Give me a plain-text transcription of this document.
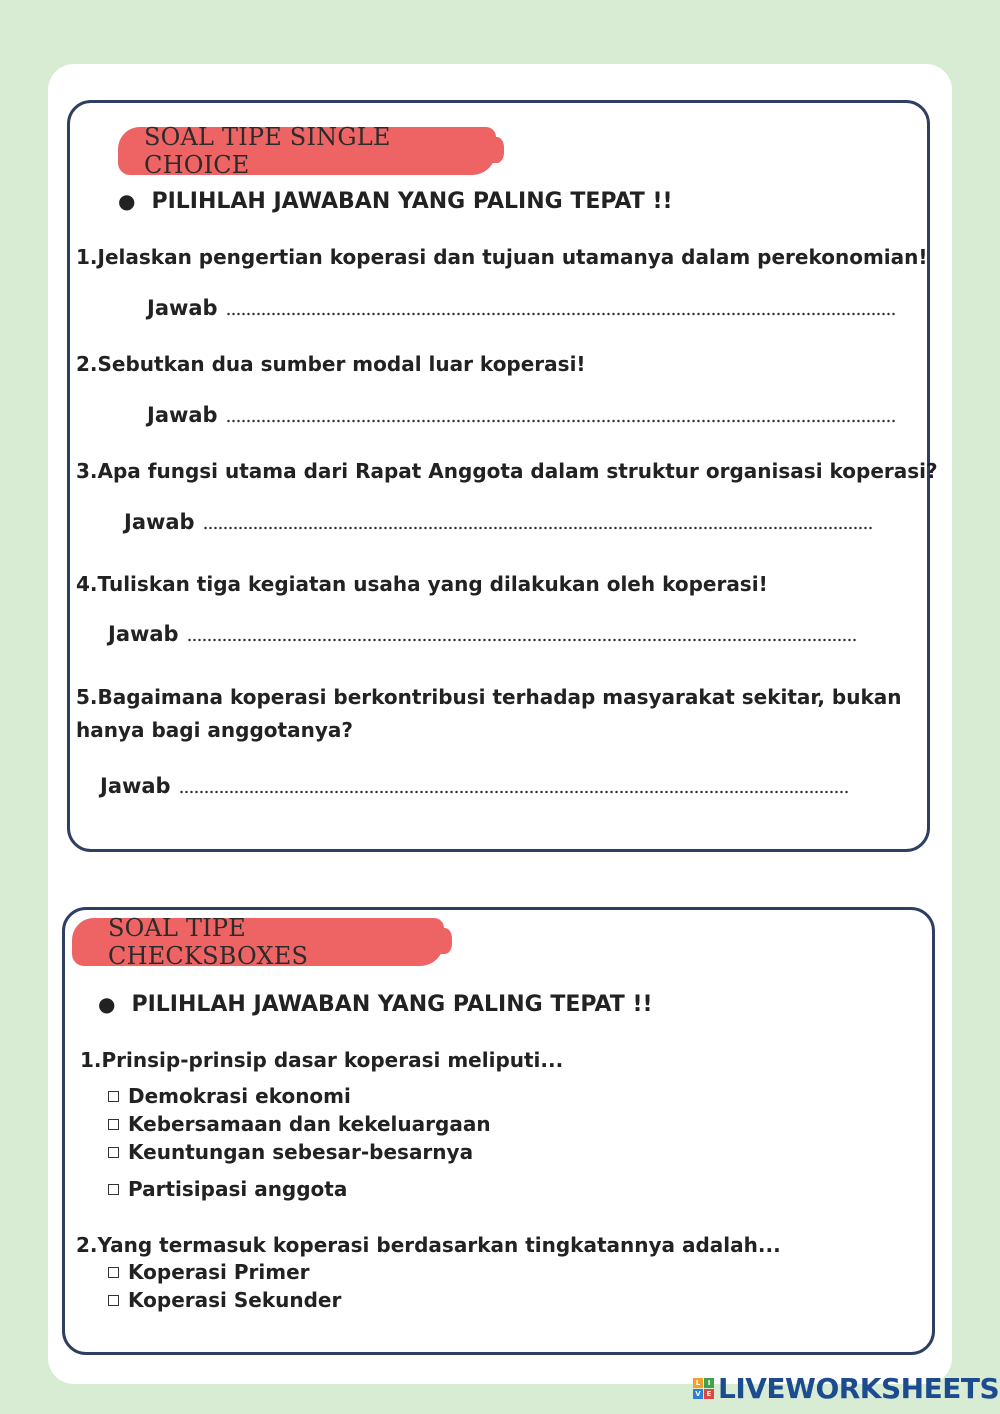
SOAL TIPE SINGLE CHOICE
● PILIHLAH JAWABAN YANG PALING TEPAT !!
1.Jelaskan pengertian koperasi dan tujuan utamanya dalam perekonomian!
Jawab
2.Sebutkan dua sumber modal luar koperasi!
Jawab
3.Apa fungsi utama dari Rapat Anggota dalam struktur organisasi koperasi?
Jawab
4.Tuliskan tiga kegiatan usaha yang dilakukan oleh koperasi!
Jawab
5.Bagaimana koperasi berkontribusi terhadap masyarakat sekitar, bukan
hanya bagi anggotanya?
Jawab
SOAL TIPE CHECKSBOXES
● PILIHLAH JAWABAN YANG PALING TEPAT !!
1.Prinsip-prinsip dasar koperasi meliputi...
Demokrasi ekonomi
Kebersamaan dan kekeluargaan
Keuntungan sebesar-besarnya
Partisipasi anggota
2.Yang termasuk koperasi berdasarkan tingkatannya adalah...
Koperasi Primer
Koperasi Sekunder
L	I
V E LIVEWORKSHEETS
